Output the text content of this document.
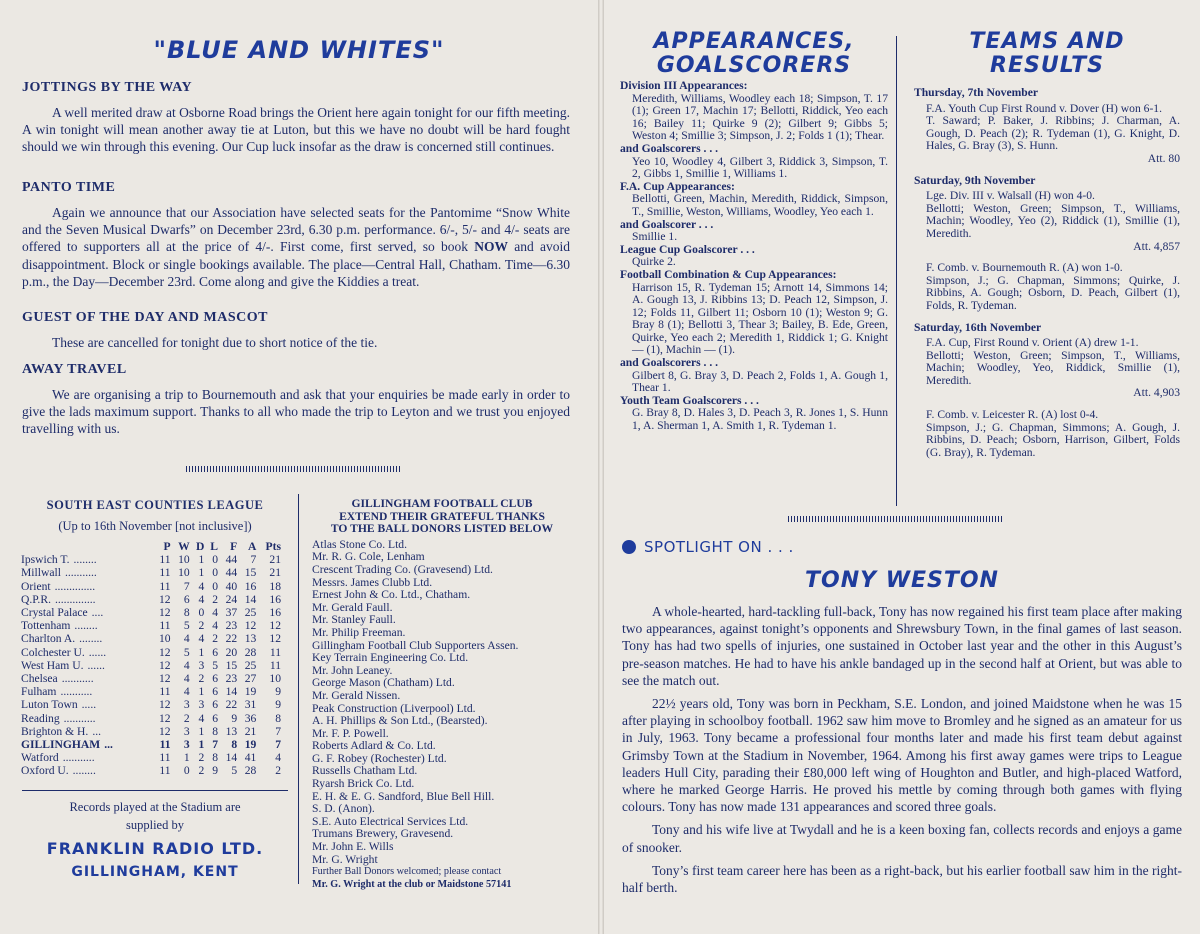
"BLUE AND WHITES"
JOTTINGS BY THE WAY

A well merited draw at Osborne Road brings the Orient here again tonight for our fifth meeting. A win tonight will mean another away tie at Luton, but this we have no doubt will be hard fought should we win through this evening. Our Cup luck insofar as the draw is concerned still continues.

PANTO TIME

Again we announce that our Association have selected seats for the Pantomime “Snow White and the Seven Musical Dwarfs” on December 23rd, 6.30 p.m. performance. 6/-, 5/- and 4/- seats are offered to supporters all at the price of 4/-. First come, first served, so book NOW and avoid disappointment. Block or single bookings available. The place—Central Hall, Chatham. Time—6.30 p.m., the Day—December 23rd. Come along and give the Kiddies a treat.

GUEST OF THE DAY AND MASCOT

These are cancelled for tonight due to short notice of the tie.

AWAY TRAVEL

We are organising a trip to Bournemouth and ask that your enquiries be made early in order to give the lads maximum support. Thanks to all who made the trip to Leyton and we trust you enjoyed travelling with us.

SOUTH EAST COUNTIES LEAGUE
(Up to 16th November [not inclusive])
	P	W	D	L	F	A	Pts
Ipswich T. ........	11	10	1	0	44	7	21
Millwall ...........	11	10	1	0	44	15	21
Orient ..............	11	7	4	0	40	16	18
Q.P.R. ..............	12	6	4	2	24	14	16
Crystal Palace ....	12	8	0	4	37	25	16
Tottenham ........	11	5	2	4	23	12	12
Charlton A. ........	10	4	4	2	22	13	12
Colchester U. ......	12	5	1	6	20	28	11
West Ham U. ......	12	4	3	5	15	25	11
Chelsea ...........	12	4	2	6	23	27	10
Fulham ...........	11	4	1	6	14	19	9
Luton Town .....	12	3	3	6	22	31	9
Reading ...........	12	2	4	6	9	36	8
Brighton & H. ...	12	3	1	8	13	21	7
GILLINGHAM ...	11	3	1	7	8	19	7
Watford ...........	11	1	2	8	14	41	4
Oxford U. ........	11	0	2	9	5	28	2
Records played at the Stadium are
supplied by
FRANKLIN RADIO LTD.
GILLINGHAM, KENT
GILLINGHAM FOOTBALL CLUB
EXTEND THEIR GRATEFUL THANKS
TO THE BALL DONORS LISTED BELOW
Atlas Stone Co. Ltd.
Mr. R. G. Cole, Lenham
Crescent Trading Co. (Gravesend) Ltd.
Messrs. James Clubb Ltd.
Ernest John & Co. Ltd., Chatham.
Mr. Gerald Faull.
Mr. Stanley Faull.
Mr. Philip Freeman.
Gillingham Football Club Supporters Assen.
Key Terrain Engineering Co. Ltd.
Mr. John Leaney.
George Mason (Chatham) Ltd.
Mr. Gerald Nissen.
Peak Construction (Liverpool) Ltd.
A. H. Phillips & Son Ltd., (Bearsted).
Mr. F. P. Powell.
Roberts Adlard & Co. Ltd.
G. F. Robey (Rochester) Ltd.
Russells Chatham Ltd.
Ryarsh Brick Co. Ltd.
E. H. & E. G. Sandford, Blue Bell Hill.
S. D. (Anon).
S.E. Auto Electrical Services Ltd.
Trumans Brewery, Gravesend.
Mr. John E. Wills
Mr. G. Wright
Further Ball Donors welcomed; please contact
Mr. G. Wright at the club or Maidstone 57141
APPEARANCES,
GOALSCORERS
Division III Appearances:
Meredith, Williams, Woodley each 18; Simpson, T. 17 (1); Green 17, Machin 17; Bellotti, Riddick, Yeo each 16; Bailey 11; Quirke 9 (2); Gilbert 9; Gibbs 5; Weston 4; Smillie 3; Simpson, J. 2; Folds 1 (1); Thear.
and Goalscorers . . .
Yeo 10, Woodley 4, Gilbert 3, Riddick 3, Simpson, T. 2, Gibbs 1, Smillie 1, Williams 1.
F.A. Cup Appearances:
Bellotti, Green, Machin, Meredith, Riddick, Simpson, T., Smillie, Weston, Williams, Woodley, Yeo each 1.
and Goalscorer . . .
Smillie 1.
League Cup Goalscorer . . .
Quirke 2.
Football Combination & Cup Appearances:
Harrison 15, R. Tydeman 15; Arnott 14, Simmons 14; A. Gough 13, J. Ribbins 13; D. Peach 12, Simpson, J. 12; Folds 11, Gilbert 11; Osborn 10 (1); Weston 9; G. Bray 8 (1); Bellotti 3, Thear 3; Bailey, B. Ede, Green, Quirke, Yeo each 2; Meredith 1, Riddick 1; G. Knight — (1), Machin — (1).
and Goalscorers . . .
Gilbert 8, G. Bray 3, D. Peach 2, Folds 1, A. Gough 1, Thear 1.
Youth Team Goalscorers . . .
G. Bray 8, D. Hales 3, D. Peach 3, R. Jones 1, S. Hunn 1, A. Sherman 1, A. Smith 1, R. Tydeman 1.
TEAMS AND
RESULTS
Thursday, 7th November
F.A. Youth Cup First Round v. Dover (H) won 6-1.
T. Saward; P. Baker, J. Ribbins; J. Charman, A. Gough, D. Peach (2); R. Tydeman (1), G. Knight, D. Hales, G. Bray (3), S. Hunn.
Att. 80
Saturday, 9th November
Lge. Div. III v. Walsall (H) won 4-0.
Bellotti; Weston, Green; Simpson, T., Williams, Machin; Woodley, Yeo (2), Riddick (1), Smillie (1), Meredith.
Att. 4,857
F. Comb. v. Bournemouth R. (A) won 1-0.
Simpson, J.; G. Chapman, Simmons; Quirke, J. Ribbins, A. Gough; Osborn, D. Peach, Gilbert (1), Folds, R. Tydeman.
Saturday, 16th November
F.A. Cup, First Round v. Orient (A) drew 1-1.
Bellotti; Weston, Green; Simpson, T., Williams, Machin; Woodley, Yeo, Riddick, Smillie (1), Meredith.
Att. 4,903
F. Comb. v. Leicester R. (A) lost 0-4.
Simpson, J.; G. Chapman, Simmons; A. Gough, J. Ribbins, D. Peach; Osborn, Harrison, Gilbert, Folds (G. Bray), R. Tydeman.
SPOTLIGHT ON . . .
TONY WESTON

A whole-hearted, hard-tackling full-back, Tony has now regained his first team place after making two appearances, against tonight’s opponents and Shrewsbury Town, in the final games of last season. Tony has had two spells of injuries, one sustained in October last year and the other in this August’s pre-season matches. He had to have his ankle bandaged up in the second half at Orient, but was able to see the match out.

22½ years old, Tony was born in Peckham, S.E. London, and joined Maidstone when he was 15 after playing in schoolboy football. 1962 saw him move to Bromley and he signed as an amateur for us in July, 1963. Tony became a professional four months later and made his first team debut against Grimsby Town at the Stadium in November, 1964. Among his first away games were trips to League leaders Hull City, parading their £80,000 left wing of Houghton and Butler, and high-placed Watford, where he marked George Harris. He proved his mettle by coming through both games with flying colours. Tony has now made 131 appearances and scored three goals.

Tony and his wife live at Twydall and he is a keen boxing fan, collects records and enjoys a game of snooker.

Tony’s first team career here has been as a right-back, but his earlier football saw him in the right-half berth.
